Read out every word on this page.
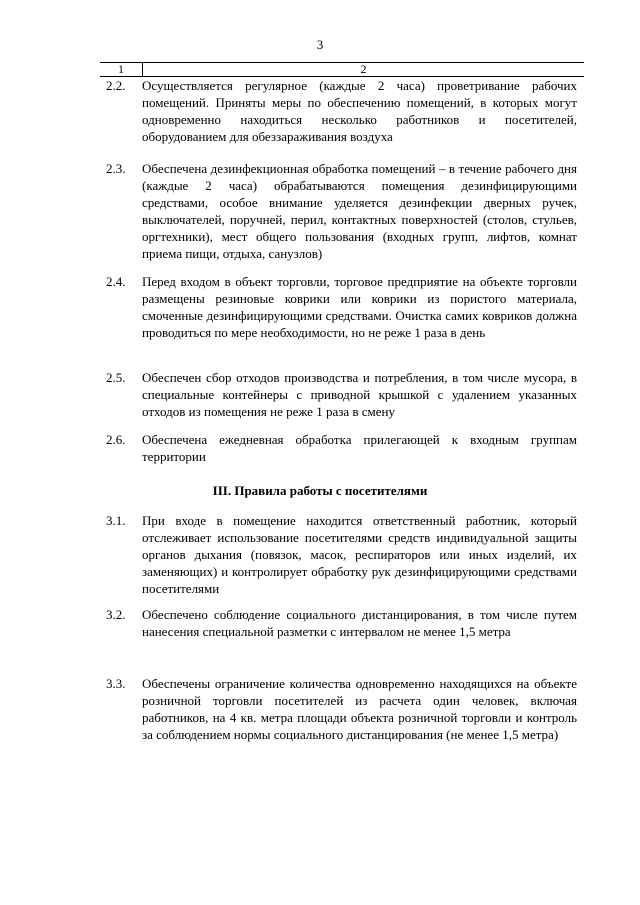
3
1	2
2.2.	Осуществляется регулярное (каждые 2 часа) проветривание рабочих помещений. Приняты меры по обеспечению помещений, в которых могут одновременно находиться несколько работников и посетителей, оборудованием для обеззараживания воздуха
2.3.	Обеспечена дезинфекционная обработка помещений – в течение рабочего дня (каждые 2 часа) обрабатываются помещения дезинфицирующими средствами, особое внимание уделяется дезинфекции дверных ручек, выключателей, поручней, перил, контактных поверхностей (столов, стульев, оргтехники), мест общего пользования (входных групп, лифтов, комнат приема пищи, отдыха, санузлов)
2.4.	Перед входом в объект торговли, торговое предприятие на объекте торговли размещены резиновые коврики или коврики из пористого материала, смоченные дезинфицирующими средствами. Очистка самих ковриков должна проводиться по мере необходимости, но не реже 1 раза в день
2.5.	Обеспечен сбор отходов производства и потребления, в том числе мусора, в специальные контейнеры с приводной крышкой с удалением указанных отходов из помещения не реже 1 раза в смену
2.6.	Обеспечена ежедневная обработка прилегающей к входным группам территории
III. Правила работы с посетителями
3.1.	При входе в помещение находится ответственный работник, который отслеживает использование посетителями средств индивидуальной защиты органов дыхания (повязок, масок, респираторов или иных изделий, их заменяющих) и контролирует обработку рук дезинфицирующими средствами посетителями
3.2.	Обеспечено соблюдение социального дистанцирования, в том числе путем нанесения специальной разметки с интервалом не менее 1,5 метра
3.3.	Обеспечены ограничение количества одновременно находящихся на объекте розничной торговли посетителей из расчета один человек, включая работников, на 4 кв. метра площади объекта розничной торговли и контроль за соблюдением нормы социального дистанцирования (не менее 1,5 метра)
